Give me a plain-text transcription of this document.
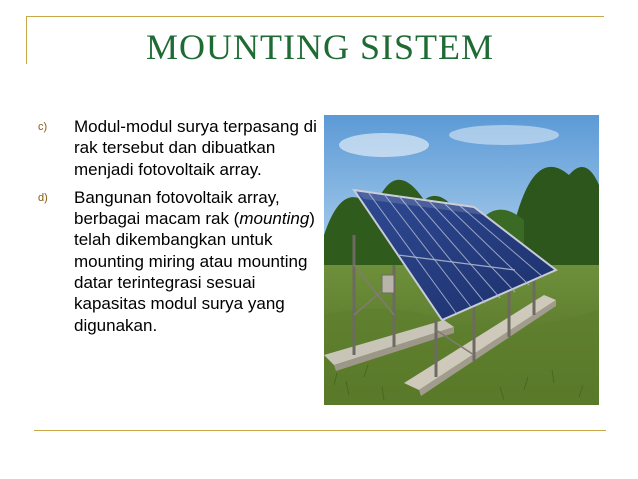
MOUNTING SISTEM
c) Modul-modul surya terpasang di rak tersebut dan dibuatkan menjadi fotovoltaik array.
d) Bangunan fotovoltaik array, berbagai macam rak (mounting) telah dikembangkan untuk mounting miring atau mounting datar terintegrasi sesuai kapasitas modul surya yang digunakan.
